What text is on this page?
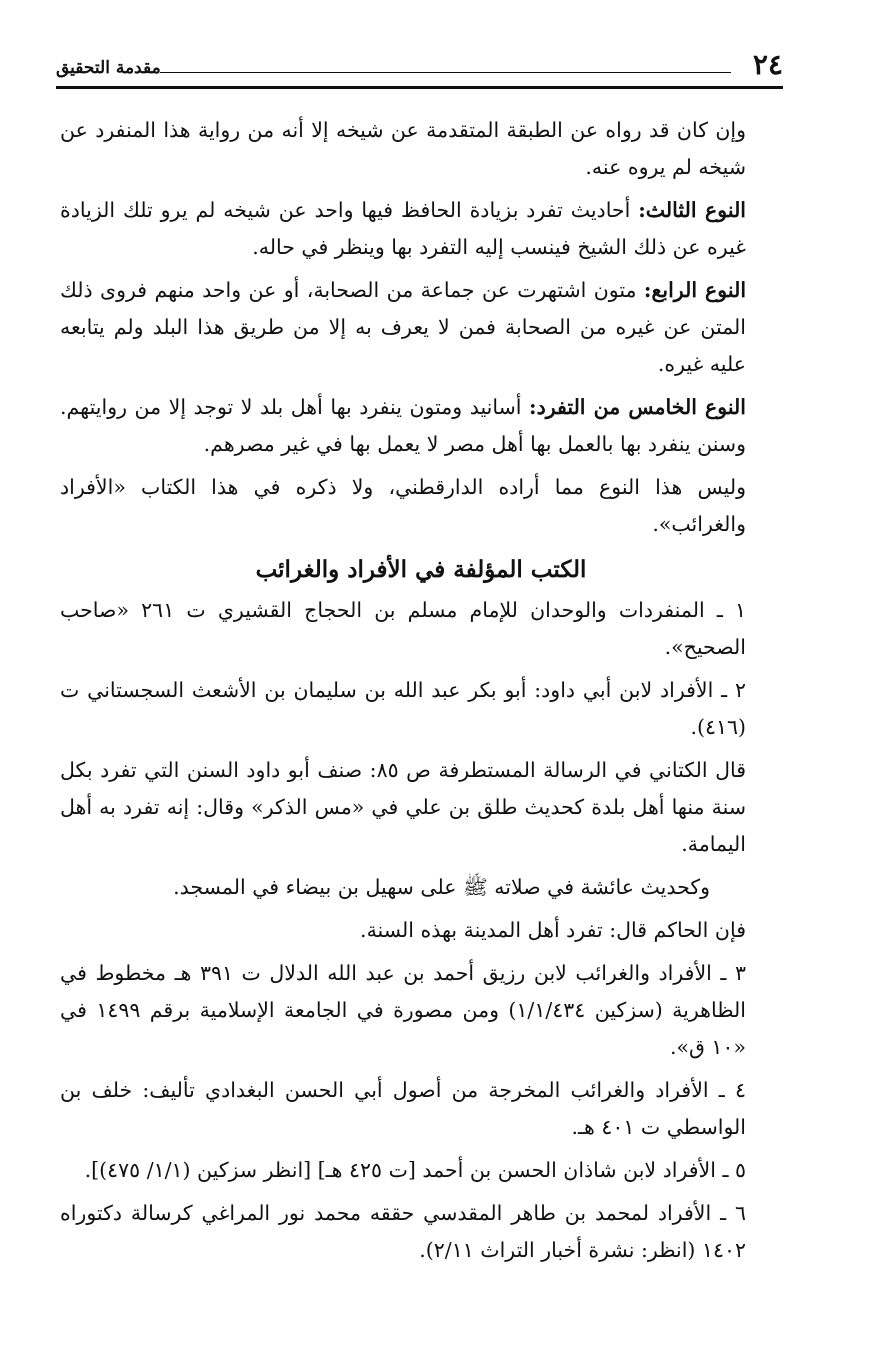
٢٤
مقدمة التحقيق

وإن كان قد رواه عن الطبقة المتقدمة عن شيخه إلا أنه من رواية هذا المنفرد عن شيخه لم يروه عنه.

النوع الثالث: أحاديث تفرد بزيادة الحافظ فيها واحد عن شيخه لم يرو تلك الزيادة غيره عن ذلك الشيخ فينسب إليه التفرد بها وينظر في حاله.

النوع الرابع: متون اشتهرت عن جماعة من الصحابة، أو عن واحد منهم فروى ذلك المتن عن غيره من الصحابة فمن لا يعرف به إلا من طريق هذا البلد ولم يتابعه عليه غيره.

النوع الخامس من التفرد: أسانيد ومتون ينفرد بها أهل بلد لا توجد إلا من روايتهم. وسنن ينفرد بها بالعمل بها أهل مصر لا يعمل بها في غير مصرهم.

وليس هذا النوع مما أراده الدارقطني، ولا ذكره في هذا الكتاب «الأفراد والغرائب».

الكتب المؤلفة في الأفراد والغرائب

١ ـ المنفردات والوحدان للإمام مسلم بن الحجاج القشيري ت ٢٦١ «صاحب الصحيح».

٢ ـ الأفراد لابن أبي داود: أبو بكر عبد الله بن سليمان بن الأشعث السجستاني ت (٤١٦).

قال الكتاني في الرسالة المستطرفة ص ٨٥: صنف أبو داود السنن التي تفرد بكل سنة منها أهل بلدة كحديث طلق بن علي في «مس الذكر» وقال: إنه تفرد به أهل اليمامة.

وكحديث عائشة في صلاته ﷺ على سهيل بن بيضاء في المسجد.

فإن الحاكم قال: تفرد أهل المدينة بهذه السنة.

٣ ـ الأفراد والغرائب لابن رزيق أحمد بن عبد الله الدلال ت ٣٩١ هـ مخطوط في الظاهرية (سزكين ١/١/٤٣٤) ومن مصورة في الجامعة الإسلامية برقم ١٤٩٩ في «١٠ ق».

٤ ـ الأفراد والغرائب المخرجة من أصول أبي الحسن البغدادي تأليف: خلف بن الواسطي ت ٤٠١ هـ.

٥ ـ الأفراد لابن شاذان الحسن بن أحمد [ت ٤٢٥ هـ] [انظر سزكين (١/١/ ٤٧٥)].

٦ ـ الأفراد لمحمد بن طاهر المقدسي حققه محمد نور المراغي كرسالة دكتوراه ١٤٠٢ (انظر: نشرة أخبار التراث ٢/١١).
